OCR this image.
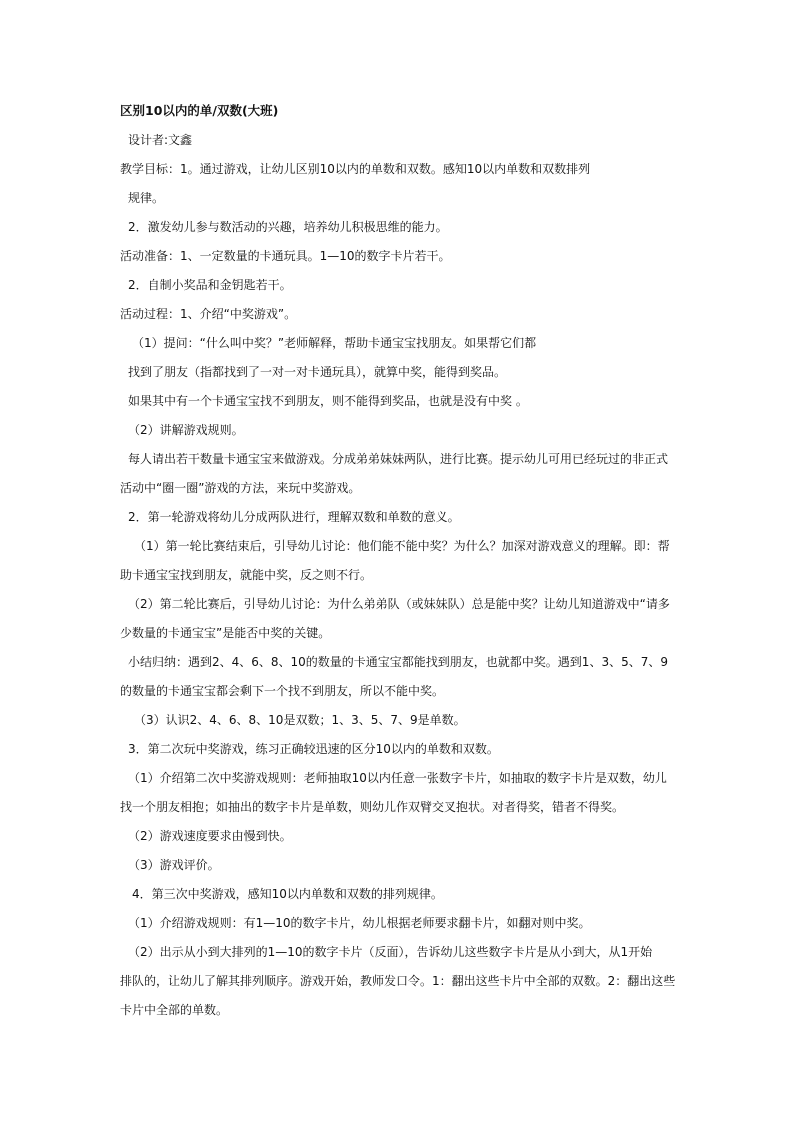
区别10以内的单/双数(大班)
设计者:文鑫
教学目标：1。通过游戏，让幼儿区别10以内的单数和双数。感知10以内单数和双数排列
规律。
2．激发幼儿参与数活动的兴趣，培养幼儿积极思维的能力。
活动准备：1、一定数量的卡通玩具。1—10的数字卡片若干。
2．自制小奖品和金钥匙若干。
活动过程：1、介绍“中奖游戏”。
（1）提问：“什么叫中奖？”老师解释，帮助卡通宝宝找朋友。如果帮它们都
找到了朋友（指都找到了一对一对卡通玩具），就算中奖，能得到奖品。
如果其中有一个卡通宝宝找不到朋友，则不能得到奖品，也就是没有中奖 。
（2）讲解游戏规则。
每人请出若干数量卡通宝宝来做游戏。分成弟弟妹妹两队，进行比赛。提示幼儿可用已经玩过的非正式
活动中“圈一圈”游戏的方法，来玩中奖游戏。
2．第一轮游戏将幼儿分成两队进行，理解双数和单数的意义。
（1）第一轮比赛结束后，引导幼儿讨论：他们能不能中奖？为什么？加深对游戏意义的理解。即：帮
助卡通宝宝找到朋友，就能中奖，反之则不行。
（2）第二轮比赛后，引导幼儿讨论：为什么弟弟队（或妹妹队）总是能中奖？让幼儿知道游戏中“请多
少数量的卡通宝宝”是能否中奖的关键。
小结归纳：遇到2、4、6、8、10的数量的卡通宝宝都能找到朋友，也就都中奖。遇到1、3、5、7、9
的数量的卡通宝宝都会剩下一个找不到朋友，所以不能中奖。
（3）认识2、4、6、8、10是双数；1、3、5、7、9是单数。
3．第二次玩中奖游戏，练习正确较迅速的区分10以内的单数和双数。
（1）介绍第二次中奖游戏规则：老师抽取10以内任意一张数字卡片，如抽取的数字卡片是双数，幼儿
找一个朋友相抱；如抽出的数字卡片是单数，则幼儿作双臂交叉抱状。对者得奖，错者不得奖。
（2）游戏速度要求由慢到快。
（3）游戏评价。
4．第三次中奖游戏，感知10以内单数和双数的排列规律。
（1）介绍游戏规则：有1—10的数字卡片，幼儿根据老师要求翻卡片，如翻对则中奖。
（2）出示从小到大排列的1—10的数字卡片（反面），告诉幼儿这些数字卡片是从小到大，从1开始
排队的，让幼儿了解其排列顺序。游戏开始，教师发口令。1：翻出这些卡片中全部的双数。2：翻出这些
卡片中全部的单数。
